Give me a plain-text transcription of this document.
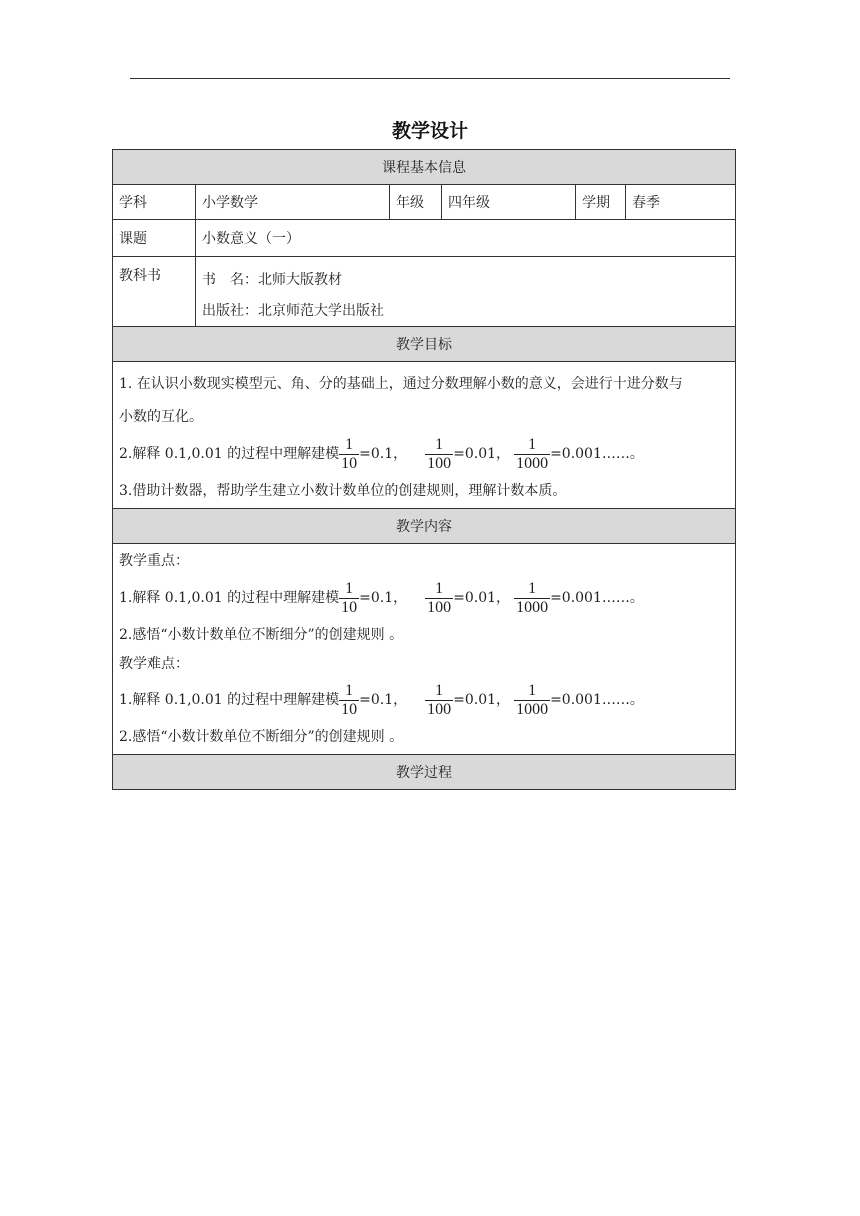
教学设计
课程基本信息
学科	小学数学	年级	四年级	学期	春季
课题	小数意义（一）
教科书	书　名：北师大版教材
出版社：北京师范大学出版社
教学目标
1. 在认识小数现实模型元、角、分的基础上，通过分数理解小数的意义，会进行十进分数与
小数的互化。
2.解释 0.1,0.01 的过程中理解建模 $\frac{1}{10} =0.1$， $\frac{1}{100} =0.01$， $\frac{1}{1000}$ =0.001……。
3.借助计数器，帮助学生建立小数计数单位的创建规则，理解计数本质。
教学内容
教学重点：
1.解释 0.1,0.01 的过程中理解建模 $\frac{1}{10} =0.1$， $\frac{1}{100} =0.01$， $\frac{1}{1000}$ =0.001……。
2.感悟“小数计数单位不断细分”的创建规则 。
教学难点：
1.解释 0.1,0.01 的过程中理解建模 $\frac{1}{10} =0.1$， $\frac{1}{100} =0.01$， $\frac{1}{1000}$ =0.001……。
2.感悟“小数计数单位不断细分”的创建规则 。
教学过程
